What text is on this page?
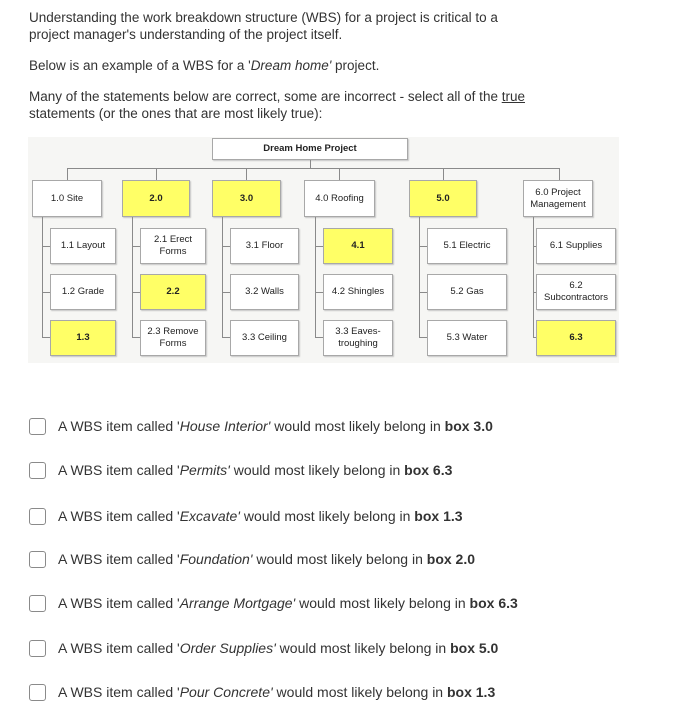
Understanding the work breakdown structure (WBS) for a project is critical to a
project manager's understanding of the project itself.

Below is an example of a WBS for a 'Dream home' project.

Many of the statements below are correct, some are incorrect - select all of the true
statements (or the ones that are most likely true):

Dream Home Project
1.0 Site	2.0	3.0	4.0 Roofing	5.0
6.0 Project Management
1.1 Layout
1.2 Grade
1.3
2.1 Erect Forms
2.2
2.3 Remove Forms
3.1 Floor
3.2 Walls
3.3 Ceiling
4.1
4.2 Shingles
3.3 Eaves-troughing
5.1 Electric
5.2 Gas
5.3 Water
6.1 Supplies
6.2 Subcontractors
6.3
A WBS item called 'House Interior' would most likely belong in box 3.0
A WBS item called 'Permits' would most likely belong in box 6.3
A WBS item called 'Excavate' would most likely belong in box 1.3
A WBS item called 'Foundation' would most likely belong in box 2.0
A WBS item called 'Arrange Mortgage' would most likely belong in box 6.3
A WBS item called 'Order Supplies' would most likely belong in box 5.0
A WBS item called 'Pour Concrete' would most likely belong in box 1.3
